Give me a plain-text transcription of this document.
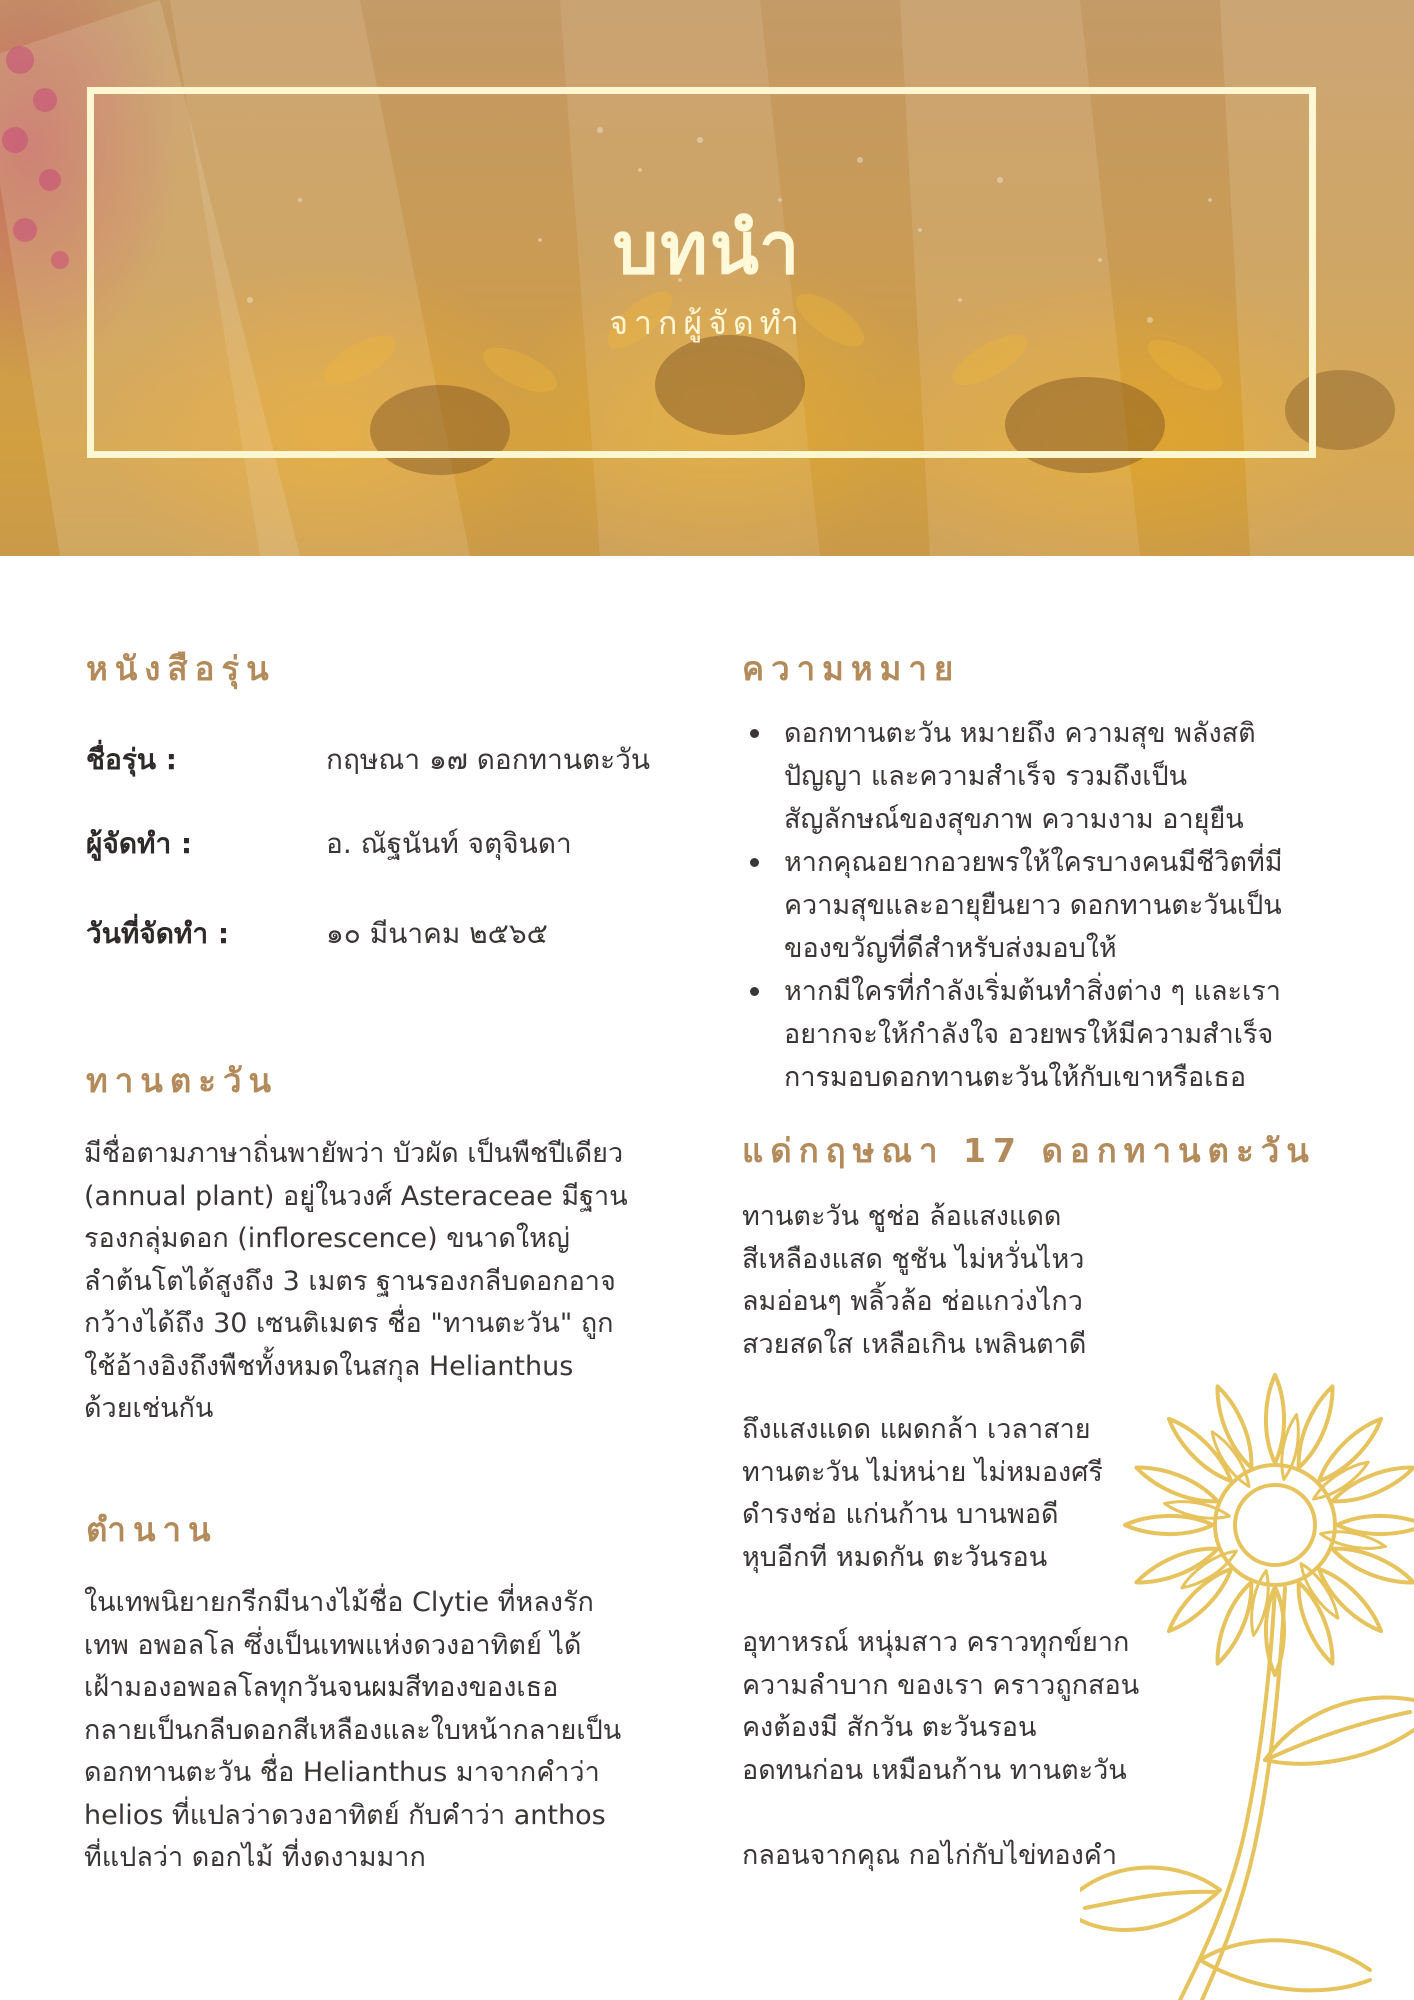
บทนำ
จากผู้จัดทำ
หนังสือรุ่น
ชื่อรุ่น :	กฤษณา ๑๗ ดอกทานตะวัน
ผู้จัดทำ :	อ. ณัฐนันท์ จตุจินดา
วันที่จัดทำ :	๑๐ มีนาคม ๒๕๖๕
ทานตะวัน
มีชื่อตามภาษาถิ่นพายัพว่า บัวผัด เป็นพืชปีเดียว
(annual plant) อยู่ในวงศ์ Asteraceae มีฐาน
รองกลุ่มดอก (inflorescence) ขนาดใหญ่
ลำต้นโตได้สูงถึง 3 เมตร ฐานรองกลีบดอกอาจ
กว้างได้ถึง 30 เซนติเมตร ชื่อ "ทานตะวัน" ถูก
ใช้อ้างอิงถึงพืชทั้งหมดในสกุล Helianthus
ด้วยเช่นกัน
ตำนาน
ในเทพนิยายกรีกมีนางไม้ชื่อ Clytie ที่หลงรัก
เทพ อพอลโล ซึ่งเป็นเทพแห่งดวงอาทิตย์ ได้
เฝ้ามองอพอลโลทุกวันจนผมสีทองของเธอ
กลายเป็นกลีบดอกสีเหลืองและใบหน้ากลายเป็น
ดอกทานตะวัน ชื่อ Helianthus มาจากคำว่า
helios ที่แปลว่าดวงอาทิตย์ กับคำว่า anthos
ที่แปลว่า ดอกไม้ ที่งดงามมาก
ความหมาย
ดอกทานตะวัน หมายถึง ความสุข พลังสติ
ปัญญา และความสำเร็จ รวมถึงเป็น
สัญลักษณ์ของสุขภาพ ความงาม อายุยืน
หากคุณอยากอวยพรให้ใครบางคนมีชีวิตที่มี
ความสุขและอายุยืนยาว ดอกทานตะวันเป็น
ของขวัญที่ดีสำหรับส่งมอบให้
หากมีใครที่กำลังเริ่มต้นทำสิ่งต่าง ๆ และเรา
อยากจะให้กำลังใจ อวยพรให้มีความสำเร็จ
การมอบดอกทานตะวันให้กับเขาหรือเธอ
แด่กฤษณา 17 ดอกทานตะวัน
ทานตะวัน ชูช่อ ล้อแสงแดด
สีเหลืองแสด ชูชัน ไม่หวั่นไหว
ลมอ่อนๆ พลิ้วล้อ ช่อแกว่งไกว
สวยสดใส เหลือเกิน เพลินตาดี
ถึงแสงแดด แผดกล้า เวลาสาย
ทานตะวัน ไม่หน่าย ไม่หมองศรี
ดำรงช่อ แก่นก้าน บานพอดี
หุบอีกที หมดกัน ตะวันรอน
อุทาหรณ์ หนุ่มสาว คราวทุกข์ยาก
ความลำบาก ของเรา คราวถูกสอน
คงต้องมี สักวัน ตะวันรอน
อดทนก่อน เหมือนก้าน ทานตะวัน
กลอนจากคุณ กอไก่กับไข่ทองคำ
